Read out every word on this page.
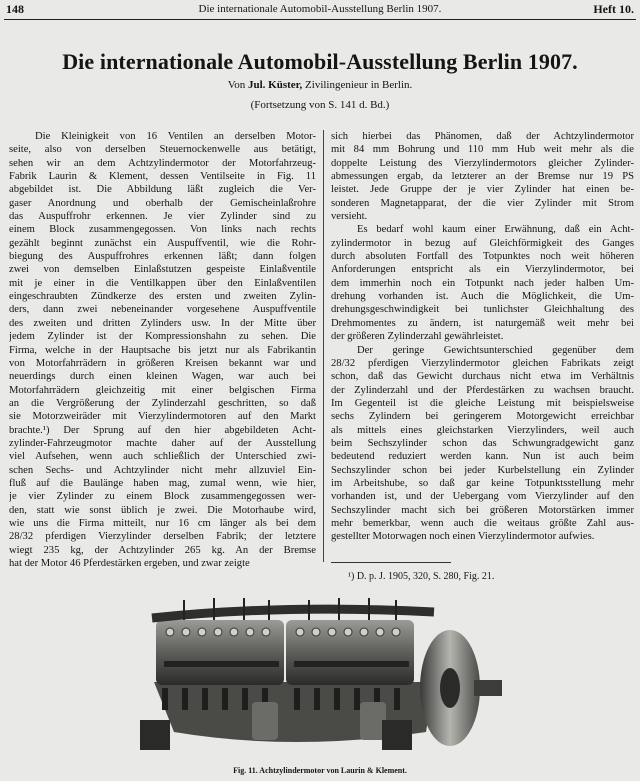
148	Die internationale Automobil-Ausstellung Berlin 1907.	Heft 10.
Die internationale Automobil-Ausstellung Berlin 1907.
Von Jul. Küster, Zivilingenieur in Berlin.
(Fortsetzung von S. 141 d. Bd.)
Die Kleinigkeit von 16 Ventilen an derselben Motor-
seite, also von derselben Steuernockenwelle aus betätigt,
sehen wir an dem Achtzylindermotor der Motorfahrzeug-
Fabrik Laurin & Klement, dessen Ventilseite in Fig. 11
abgebildet ist. Die Abbildung läßt zugleich die Ver-
gaser Anordnung und oberhalb der Gemischeinlaßrohre
das Auspuffrohr erkennen. Je vier Zylinder sind zu
einem Block zusammengegossen. Von links nach rechts
gezählt beginnt zunächst ein Auspuffventil, wie die Rohr-
biegung des Auspuffrohres erkennen läßt; dann folgen
zwei von demselben Einlaßstutzen gespeiste Einlaßventile
mit je einer in die Ventilkappen über den Einlaßventilen
eingeschraubten Zündkerze des ersten und zweiten Zylin-
ders, dann zwei nebeneinander vorgesehene Auspuffventile
des zweiten und dritten Zylinders usw. In der Mitte über
jedem Zylinder ist der Kompressionshahn zu sehen. Die
Firma, welche in der Hauptsache bis jetzt nur als Fabrikantin
von Motorfahrrädern in größeren Kreisen bekannt war und
neuerdings durch einen kleinen Wagen, war auch bei
Motorfahrrädern gleichzeitig mit einer belgischen Firma
an die Vergrößerung der Zylinderzahl geschritten, so daß
sie Motorzweiräder mit Vierzylindermotoren auf den Markt
brachte.¹) Der Sprung auf den hier abgebildeten Acht-
zylinder-Fahrzeugmotor machte daher auf der Ausstellung
viel Aufsehen, wenn auch schließlich der Unterschied zwi-
schen Sechs- und Achtzylinder nicht mehr allzuviel Ein-
fluß auf die Baulänge haben mag, zumal wenn, wie hier,
je vier Zylinder zu einem Block zusammengegossen wer-
den, statt wie sonst üblich je zwei. Die Motorhaube wird,
wie uns die Firma mitteilt, nur 16 cm länger als bei dem
28/32 pferdigen Vierzylinder derselben Fabrik; der letztere
wiegt 235 kg, der Achtzylinder 265 kg. An der Bremse
hat der Motor 46 Pferdestärken ergeben, und zwar zeigte
sich hierbei das Phänomen, daß der Achtzylindermotor
mit 84 mm Bohrung und 110 mm Hub weit mehr als die
doppelte Leistung des Vierzylindermotors gleicher Zylinder-
abmessungen ergab, da letzterer an der Bremse nur 19 PS
leistet. Jede Gruppe der je vier Zylinder hat einen be-
sonderen Magnetapparat, der die vier Zylinder mit Strom
versieht.
Es bedarf wohl kaum einer Erwähnung, daß ein Acht-
zylindermotor in bezug auf Gleichförmigkeit des Ganges
durch absoluten Fortfall des Totpunktes noch weit höheren
Anforderungen entspricht als ein Vierzylindermotor, bei
dem immerhin noch ein Totpunkt nach jeder halben Um-
drehung vorhanden ist. Auch die Möglichkeit, die Um-
drehungsgeschwindigkeit bei tunlichster Gleichhaltung des
Drehmomentes zu ändern, ist naturgemäß weit mehr bei
der größeren Zylinderzahl gewährleistet.
Der geringe Gewichtsunterschied gegenüber dem
28/32 pferdigen Vierzylindermotor gleichen Fabrikats zeigt
schon, daß das Gewicht durchaus nicht etwa im Verhältnis
der Zylinderzahl und der Pferdestärken zu wachsen braucht.
Im Gegenteil ist die gleiche Leistung mit beispielsweise
sechs Zylindern bei geringerem Motorgewicht erreichbar
als mittels eines gleichstarken Vierzylinders, weil auch
beim Sechszylinder schon das Schwungradgewicht ganz
bedeutend reduziert werden kann. Nun ist auch beim
Sechszylinder schon bei jeder Kurbelstellung ein Zylinder
im Arbeitshube, so daß gar keine Totpunktsstellung mehr
vorhanden ist, und der Uebergang vom Vierzylinder auf den
Sechszylinder macht sich bei größeren Motorstärken immer
mehr bemerkbar, wenn auch die weitaus größte Zahl aus-
gestellter Motorwagen noch einen Vierzylindermotor aufwies.
¹) D. p. J. 1905, 320, S. 280, Fig. 21.
Fig. 11. Achtzylindermotor von Laurin & Klement.
